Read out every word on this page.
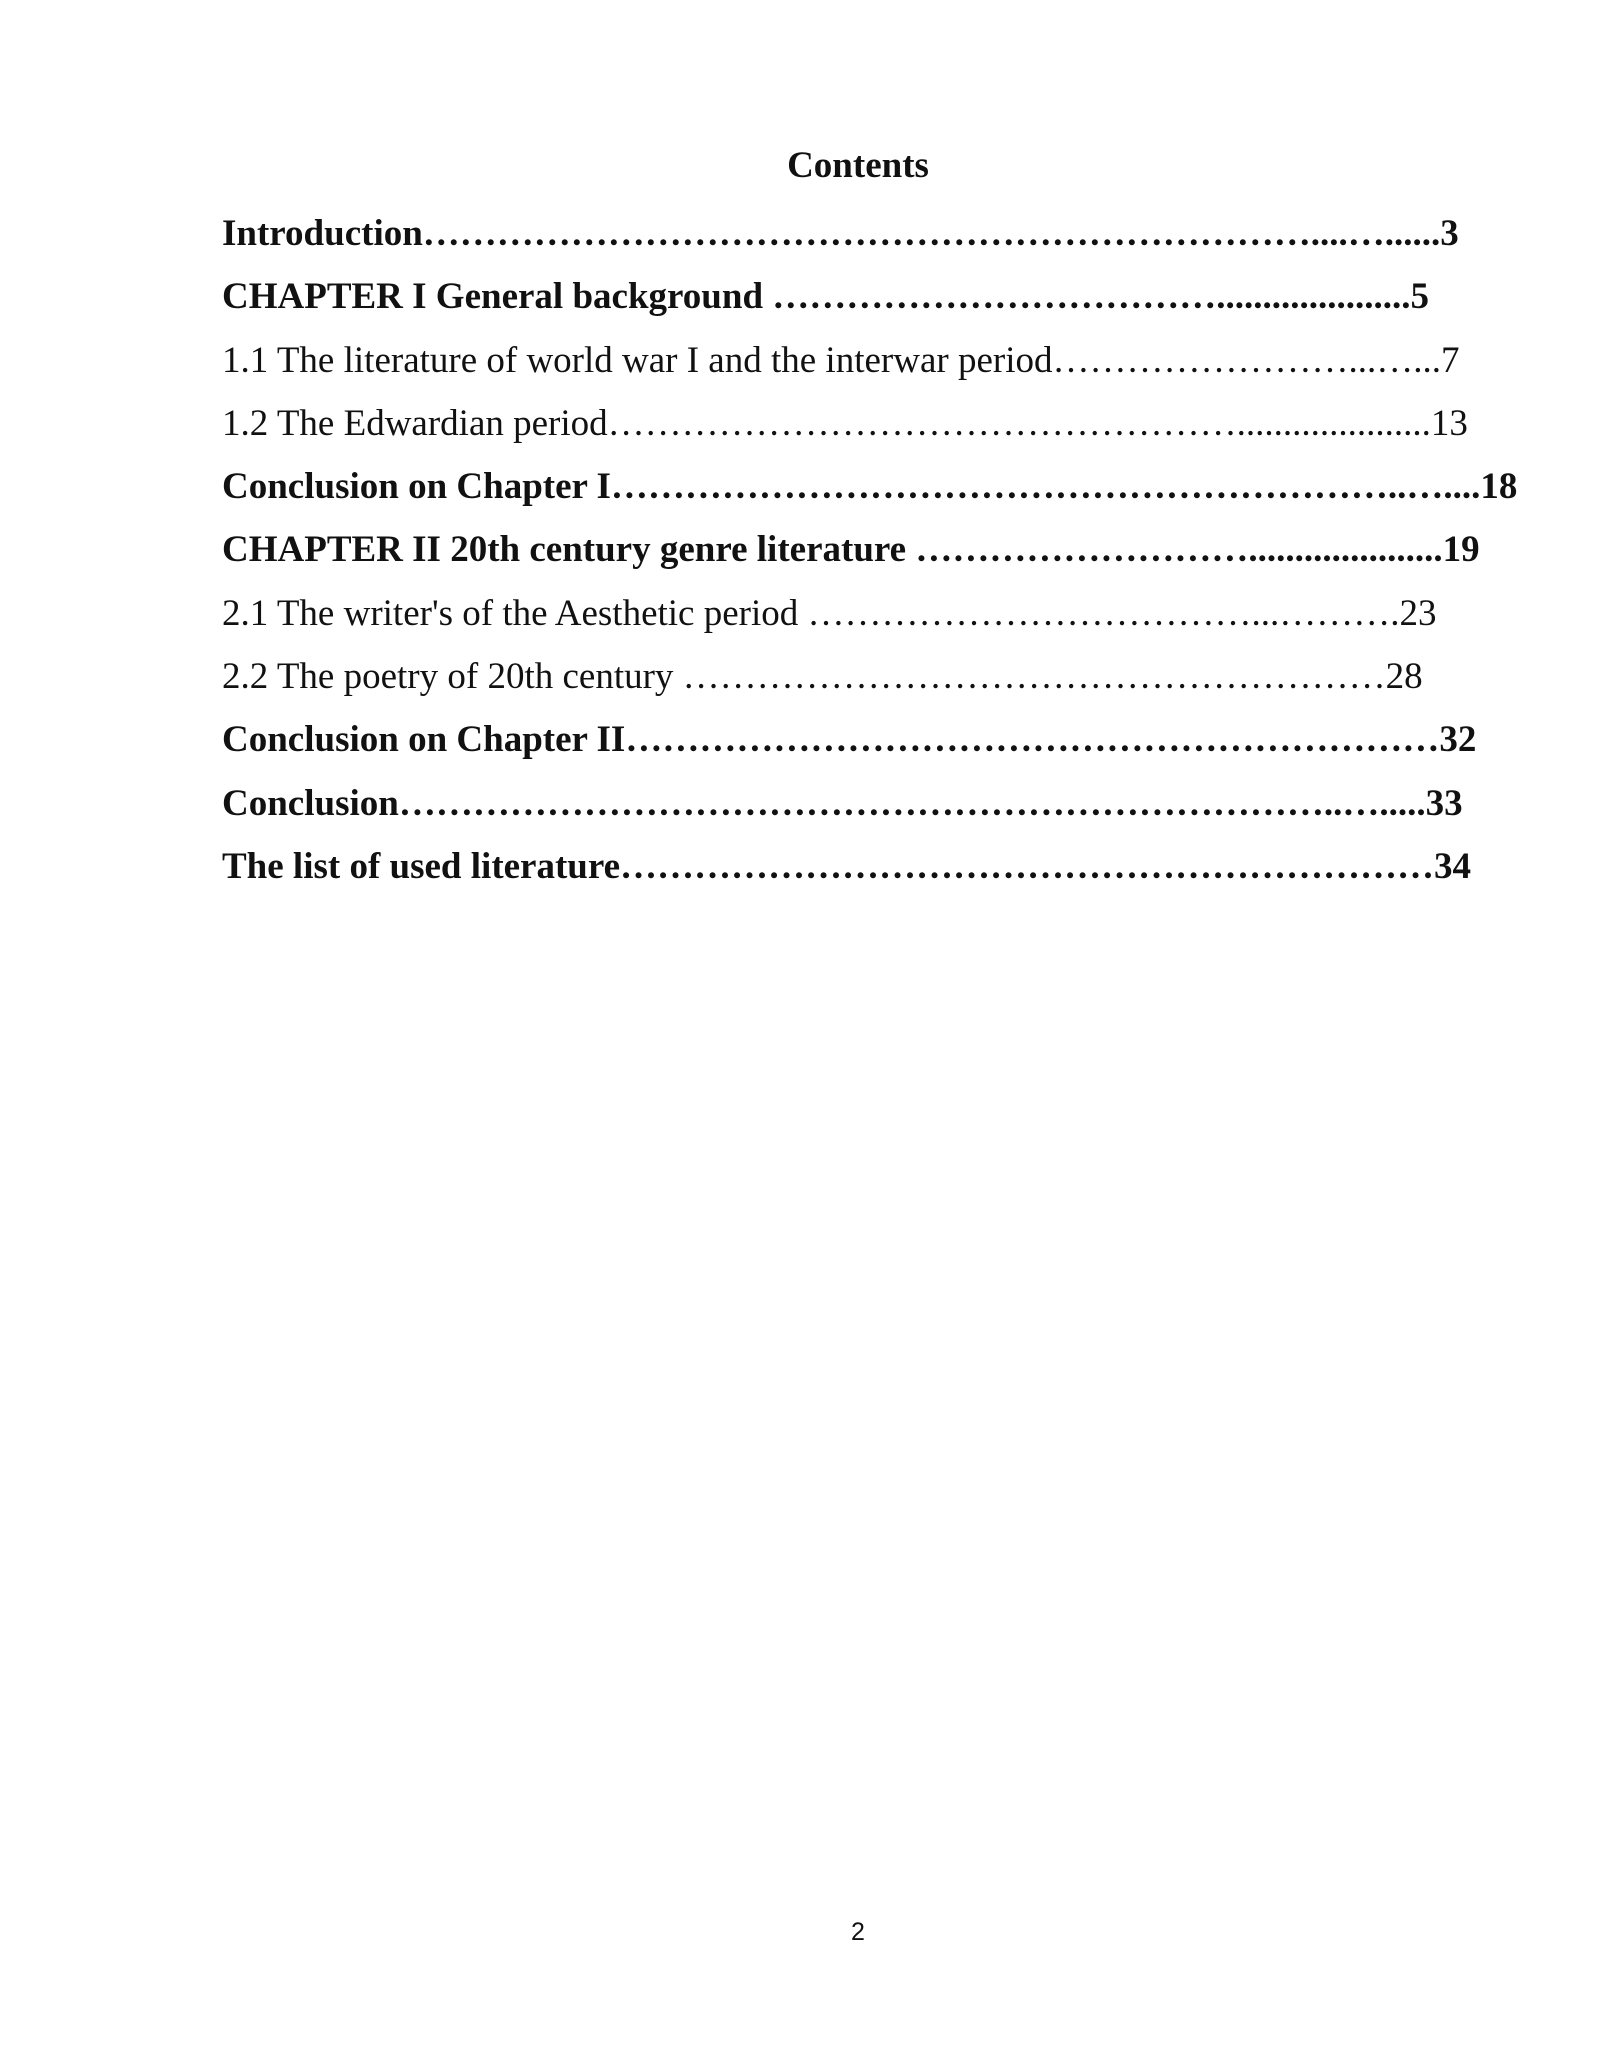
Contents
Introduction………………………………………………………………....…......3
CHAPTER I General background ……………………………….....................5
1.1 The literature of world war I and the interwar period……………………...…...7
1.2 The Edwardian period…………………………………………….....................13
Conclusion on Chapter I………………………………………………………..…....18
CHAPTER II 20th century genre literature ……………………….....................19
2.1 The writer's of the Aesthetic period ………………………………...……….23
2.2 The poetry of 20th century …………………………………………………28
Conclusion on Chapter II…………………………………………………………32
Conclusion…………………………………………………………………..….....33
The list of used literature…………………………………………………………34
2
